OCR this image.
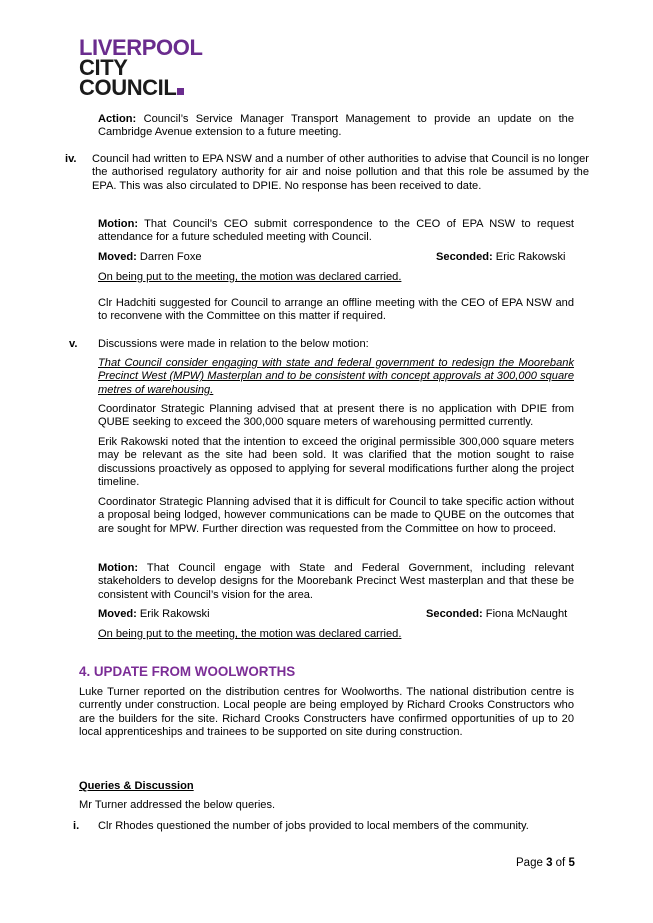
LIVERPOOL
CITY
COUNCIL

Action: Council’s Service Manager Transport Management to provide an update on the Cambridge Avenue extension to a future meeting.

iv. Council had written to EPA NSW and a number of other authorities to advise that Council is no longer the authorised regulatory authority for air and noise pollution and that this role be assumed by the EPA. This was also circulated to DPIE. No response has been received to date.

Motion: That Council’s CEO submit correspondence to the CEO of EPA NSW to request attendance for a future scheduled meeting with Council.

Moved: Darren Foxe	Seconded: Eric Rakowski
On being put to the meeting, the motion was declared carried.

Clr Hadchiti suggested for Council to arrange an offline meeting with the CEO of EPA NSW and to reconvene with the Committee on this matter if required.

v. Discussions were made in relation to the below motion:

That Council consider engaging with state and federal government to redesign the Moorebank Precinct West (MPW) Masterplan and to be consistent with concept approvals at 300,000 square metres of warehousing.

Coordinator Strategic Planning advised that at present there is no application with DPIE from QUBE seeking to exceed the 300,000 square meters of warehousing permitted currently.

Erik Rakowski noted that the intention to exceed the original permissible 300,000 square meters may be relevant as the site had been sold. It was clarified that the motion sought to raise discussions proactively as opposed to applying for several modifications further along the project timeline.

Coordinator Strategic Planning advised that it is difficult for Council to take specific action without a proposal being lodged, however communications can be made to QUBE on the outcomes that are sought for MPW. Further direction was requested from the Committee on how to proceed.

Motion: That Council engage with State and Federal Government, including relevant stakeholders to develop designs for the Moorebank Precinct West masterplan and that these be consistent with Council’s vision for the area.

Moved: Erik Rakowski	Seconded: Fiona McNaught
On being put to the meeting, the motion was declared carried.
4. UPDATE FROM WOOLWORTHS

Luke Turner reported on the distribution centres for Woolworths. The national distribution centre is currently under construction. Local people are being employed by Richard Crooks Constructors who are the builders for the site. Richard Crooks Constructers have confirmed opportunities of up to 20 local apprenticeships and trainees to be supported on site during construction.

Queries & Discussion
Mr Turner addressed the below queries.
i. Clr Rhodes questioned the number of jobs provided to local members of the community.
Page 3 of 5
